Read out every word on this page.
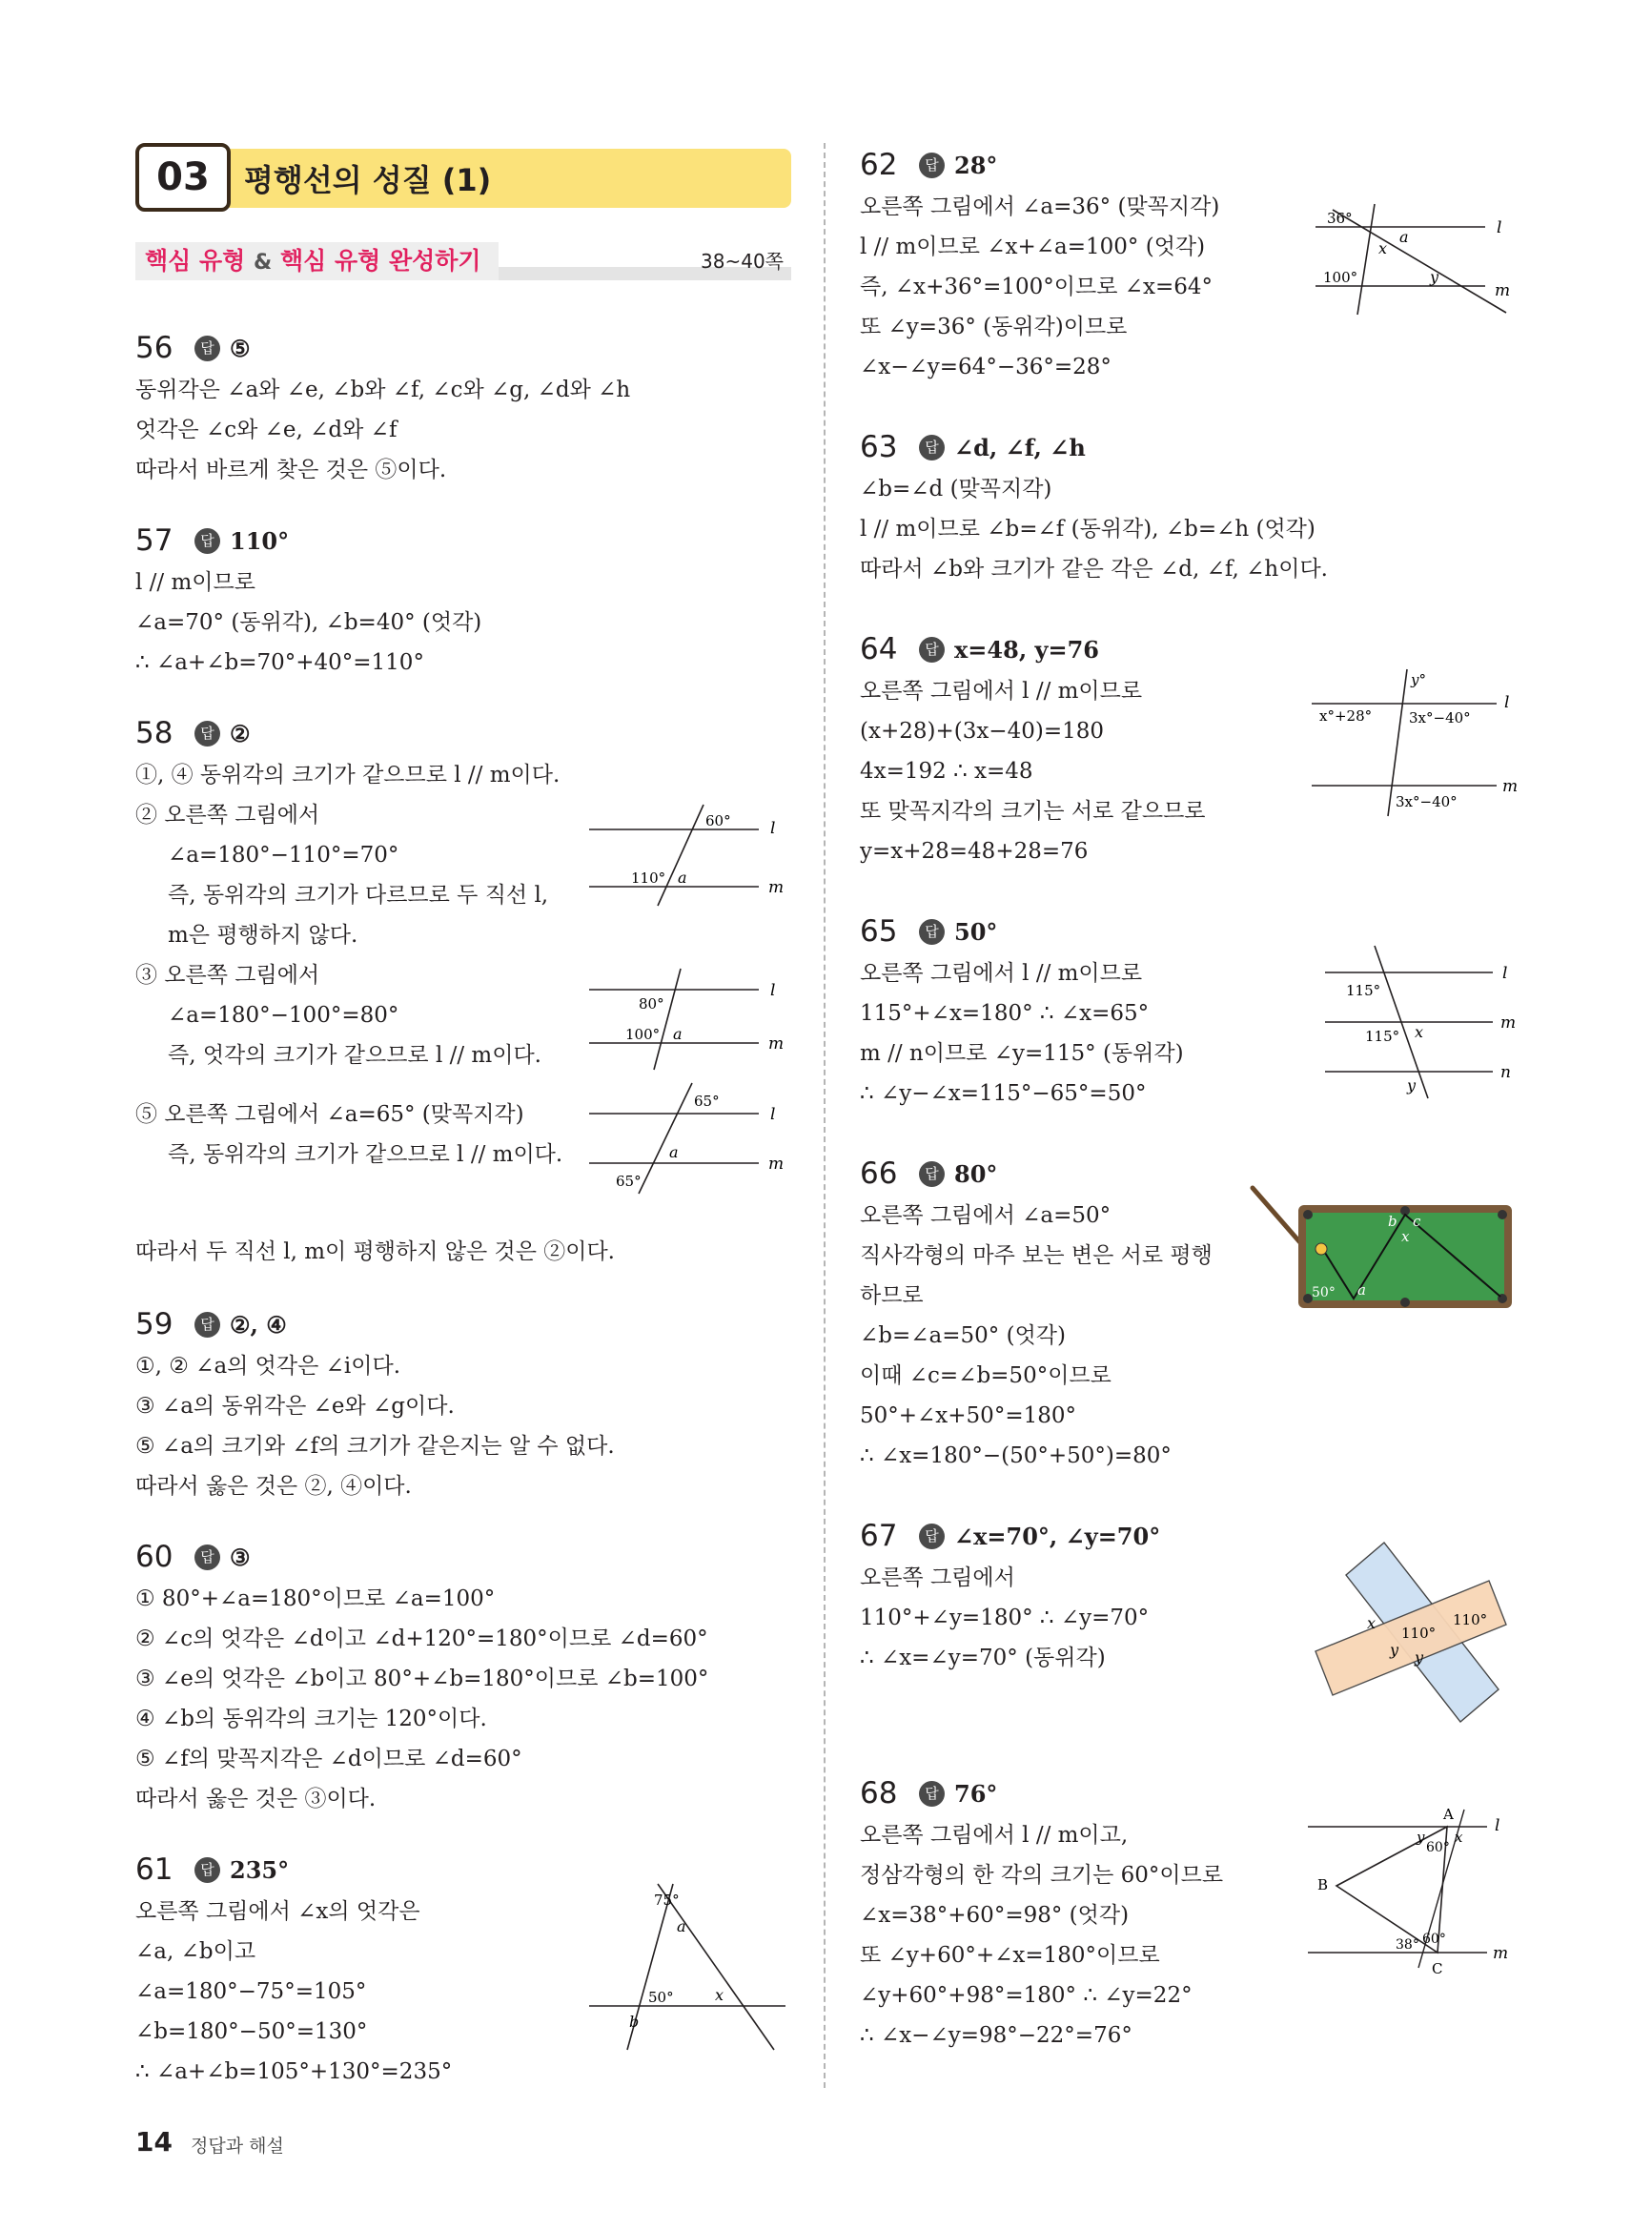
03	평행선의 성질 (1)
핵심 유형 & 핵심 유형 완성하기	38~40쪽
56	답 ⑤
동위각은 ∠a와 ∠e, ∠b와 ∠f, ∠c와 ∠g, ∠d와 ∠h
엇각은 ∠c와 ∠e, ∠d와 ∠f
따라서 바르게 찾은 것은 ⑤이다.
57	답 110°
l // m이므로
∠a=70° (동위각), ∠b=40° (엇각)
∴ ∠a+∠b=70°+40°=110°
58	답 ②
①, ④ 동위각의 크기가 같으므로 l // m이다.
② 오른쪽 그림에서
∠a=180°−110°=70°
즉, 동위각의 크기가 다르므로 두 직선 l,
m은 평행하지 않다.
③ 오른쪽 그림에서
∠a=180°−100°=80°
즉, 엇각의 크기가 같으므로 l // m이다.
⑤ 오른쪽 그림에서 ∠a=65° (맞꼭지각)
즉, 동위각의 크기가 같으므로 l // m이다.
따라서 두 직선 l, m이 평행하지 않은 것은 ②이다.
60°
110° a
l
m
80°
100° a
l
m
65°
65°
a
l
m
59	답 ②, ④
①, ② ∠a의 엇각은 ∠i이다.
③ ∠a의 동위각은 ∠e와 ∠g이다.
⑤ ∠a의 크기와 ∠f의 크기가 같은지는 알 수 없다.
따라서 옳은 것은 ②, ④이다.
60	답 ③
① 80°+∠a=180°이므로 ∠a=100°
② ∠c의 엇각은 ∠d이고 ∠d+120°=180°이므로 ∠d=60°
③ ∠e의 엇각은 ∠b이고 80°+∠b=180°이므로 ∠b=100°
④ ∠b의 동위각의 크기는 120°이다.
⑤ ∠f의 맞꼭지각은 ∠d이므로 ∠d=60°
따라서 옳은 것은 ③이다.
61	답 235°
오른쪽 그림에서 ∠x의 엇각은
∠a, ∠b이고
∠a=180°−75°=105°
∠b=180°−50°=130°
∴ ∠a+∠b=105°+130°=235°
75°
50°
a
b
x
62	답 28°
오른쪽 그림에서 ∠a=36° (맞꼭지각)
l // m이므로 ∠x+∠a=100° (엇각)
즉, ∠x+36°=100°이므로 ∠x=64°
또 ∠y=36° (동위각)이므로
∠x−∠y=64°−36°=28°
36°
100°
a
x
y
l
m
63	답 ∠d, ∠f, ∠h
∠b=∠d (맞꼭지각)
l // m이므로 ∠b=∠f (동위각), ∠b=∠h (엇각)
따라서 ∠b와 크기가 같은 각은 ∠d, ∠f, ∠h이다.
64	답 x=48, y=76
오른쪽 그림에서 l // m이므로
(x+28)+(3x−40)=180
4x=192 ∴ x=48
또 맞꼭지각의 크기는 서로 같으므로
y=x+28=48+28=76
y°
x°+28°	3x°−40°
3x°−40°
l
m
65	답 50°
오른쪽 그림에서 l // m이므로
115°+∠x=180° ∴ ∠x=65°
m // n이므로 ∠y=115° (동위각)
∴ ∠y−∠x=115°−65°=50°
115°
115° x
y
l
m
n
66	답 80°
오른쪽 그림에서 ∠a=50°
직사각형의 마주 보는 변은 서로 평행
하므로
∠b=∠a=50° (엇각)
이때 ∠c=∠b=50°이므로
50°+∠x+50°=180°
∴ ∠x=180°−(50°+50°)=80°
50° a
b c
x
67	답 ∠x=70°, ∠y=70°
오른쪽 그림에서
110°+∠y=180° ∴ ∠y=70°
∴ ∠x=∠y=70° (동위각)
110°
110°
x
y y
68	답 76°
오른쪽 그림에서 l // m이고,
정삼각형의 한 각의 크기는 60°이므로
∠x=38°+60°=98° (엇각)
또 ∠y+60°+∠x=180°이므로
∠y+60°+98°=180° ∴ ∠y=22°
∴ ∠x−∠y=98°−22°=76°
A
B
C
60°
60°
38°
x
y
l
m
14 정답과 해설
